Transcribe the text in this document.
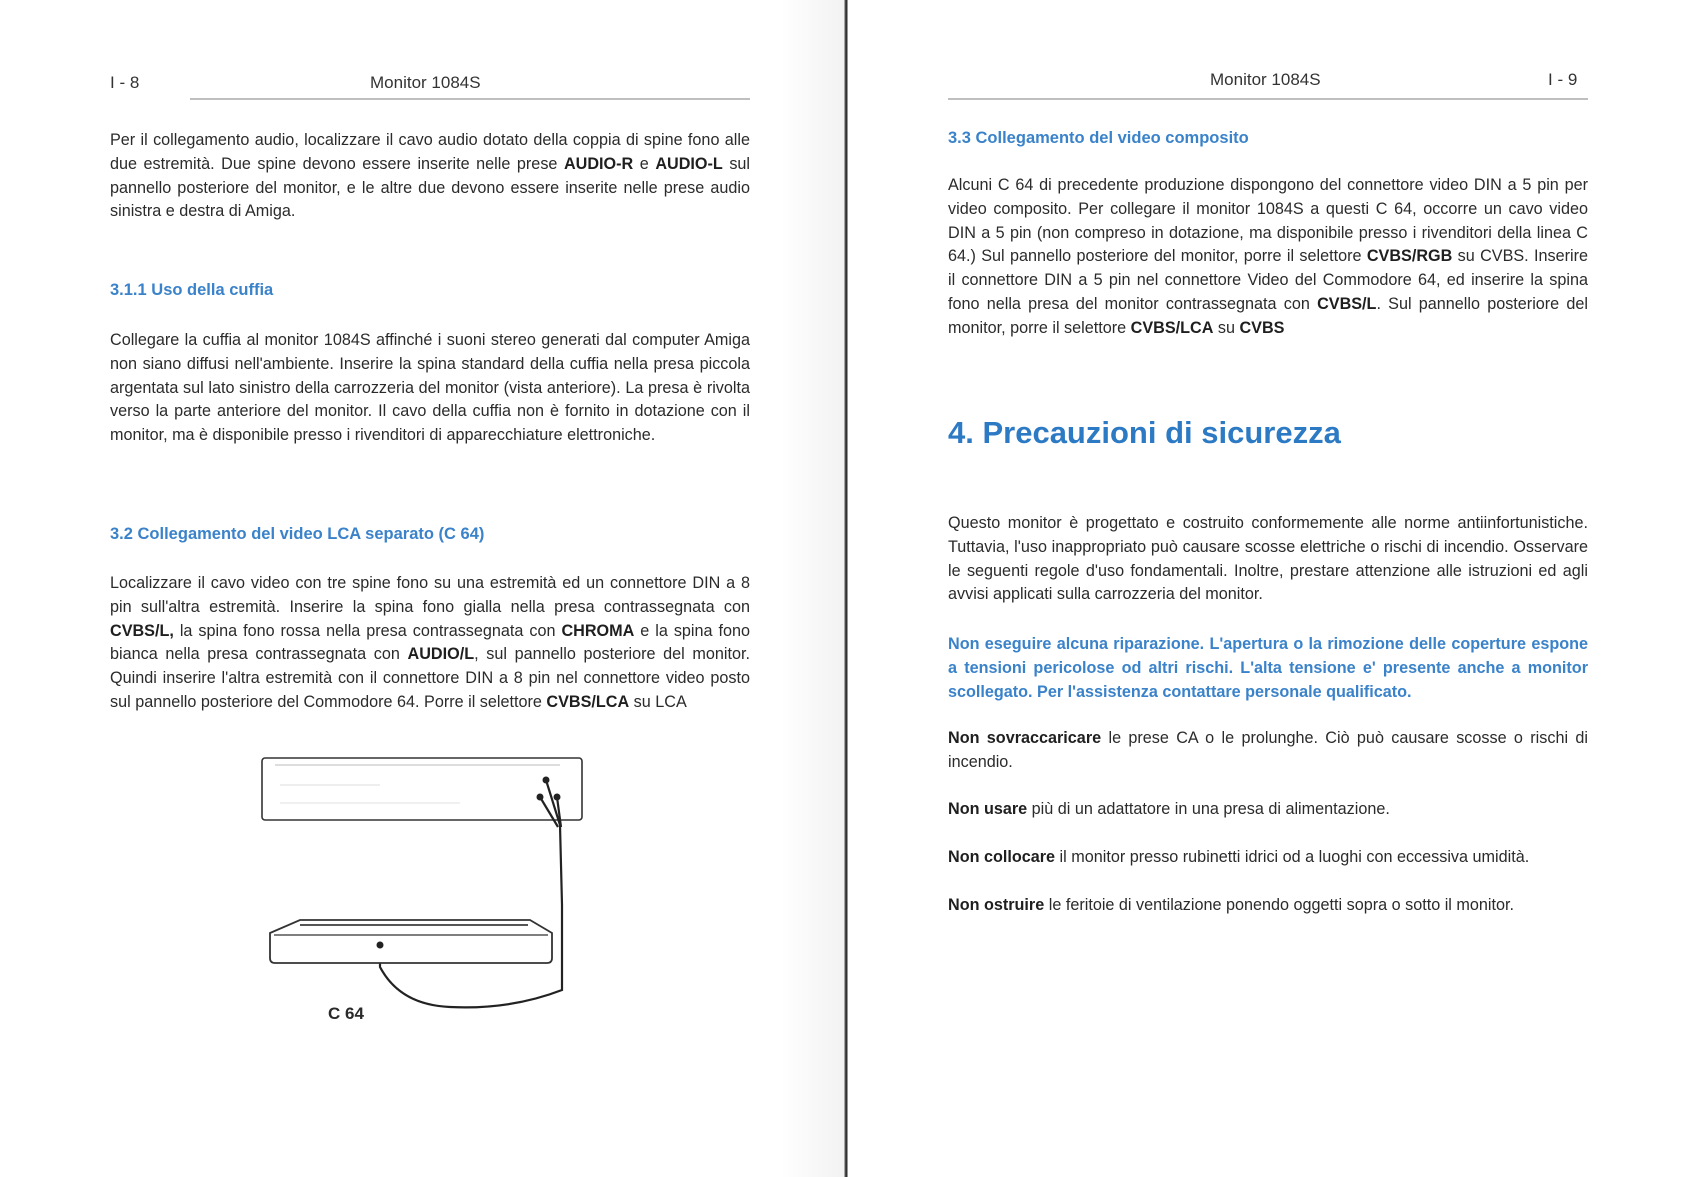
I - 8	Monitor 1084S

Per il collegamento audio, localizzare il cavo audio dotato della coppia di spine fono alle due estremità. Due spine devono essere inserite nelle prese AUDIO-R e AUDIO-L sul pannello posteriore del monitor, e le altre due devono essere inserite nelle prese audio sinistra e destra di Amiga.

3.1.1 Uso della cuffia

Collegare la cuffia al monitor 1084S affinché i suoni stereo generati dal computer Amiga non siano diffusi nell'ambiente. Inserire la spina standard della cuffia nella presa piccola argentata sul lato sinistro della carrozzeria del monitor (vista anteriore). La presa è rivolta verso la parte anteriore del monitor. Il cavo della cuffia non è fornito in dotazione con il monitor, ma è disponibile presso i rivenditori di apparecchiature elettroniche.

3.2 Collegamento del video LCA separato (C 64)

Localizzare il cavo video con tre spine fono su una estremità ed un connettore DIN a 8 pin sull'altra estremità. Inserire la spina fono gialla nella presa contrassegnata con CVBS/L, la spina fono rossa nella presa contrassegnata con CHROMA e la spina fono bianca nella presa contrassegnata con AUDIO/L, sul pannello posteriore del monitor. Quindi inserire l'altra estremità con il connettore DIN a 8 pin nel connettore video posto sul pannello posteriore del Commodore 64. Porre il selettore CVBS/LCA su LCA

C 64
Monitor 1084S	I - 9

3.3 Collegamento del video composito

Alcuni C 64 di precedente produzione dispongono del connettore video DIN a 5 pin per video composito. Per collegare il monitor 1084S a questi C 64, occorre un cavo video DIN a 5 pin (non compreso in dotazione, ma disponibile presso i rivenditori della linea C 64.) Sul pannello posteriore del monitor, porre il selettore CVBS/RGB su CVBS. Inserire il connettore DIN a 5 pin nel connettore Video del Commodore 64, ed inserire la spina fono nella presa del monitor contrassegnata con CVBS/L. Sul pannello posteriore del monitor, porre il selettore CVBS/LCA su CVBS

4. Precauzioni di sicurezza

Questo monitor è progettato e costruito conformemente alle norme antiinfortunistiche. Tuttavia, l'uso inappropriato può causare scosse elettriche o rischi di incendio. Osservare le seguenti regole d'uso fondamentali. Inoltre, prestare attenzione alle istruzioni ed agli avvisi applicati sulla carrozzeria del monitor.

Non eseguire alcuna riparazione. L'apertura o la rimozione delle coperture espone a tensioni pericolose od altri rischi. L'alta tensione e' presente anche a monitor scollegato. Per l'assistenza contattare personale qualificato.

Non sovraccaricare le prese CA o le prolunghe. Ciò può causare scosse o rischi di incendio.

Non usare più di un adattatore in una presa di alimentazione.

Non collocare il monitor presso rubinetti idrici od a luoghi con eccessiva umidità.

Non ostruire le feritoie di ventilazione ponendo oggetti sopra o sotto il monitor.
